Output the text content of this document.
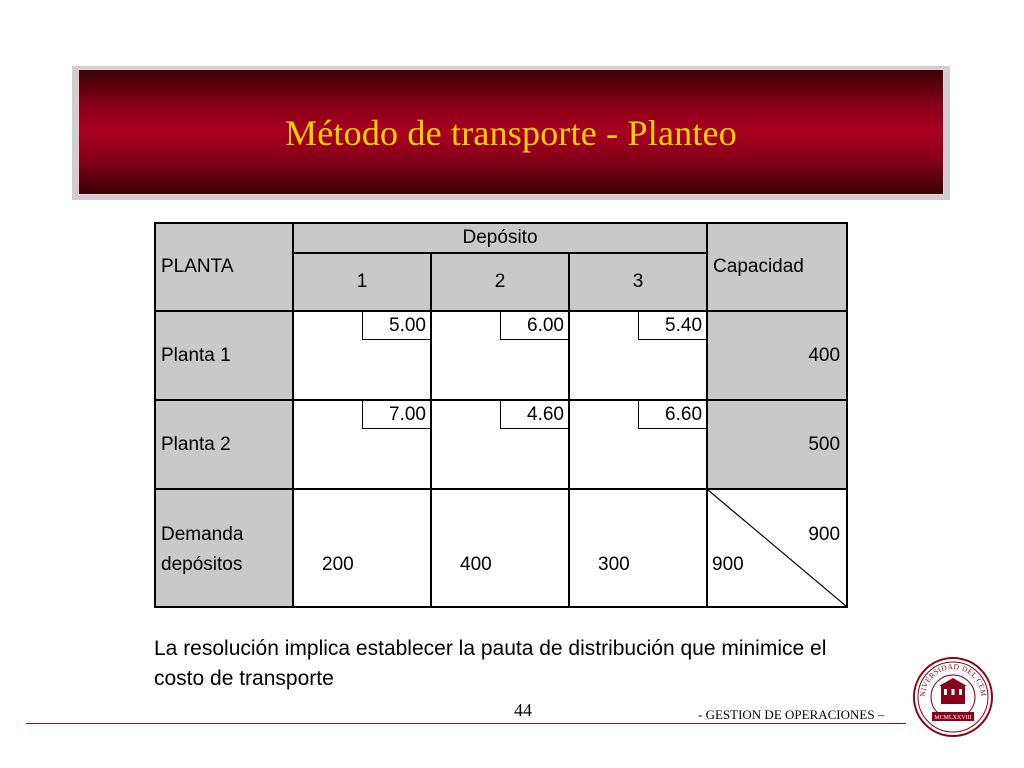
Método de transporte - Planteo
PLANTA	Depósito			Capacidad
	1	2	3	
Planta 1	5.00	6.00	5.40	400
Planta 2	7.00	4.60	6.60	500

Demanda
depósitos	200	400	300	900
900
La resolución implica establecer la pauta de distribución que minimice el costo de transporte
44	- GESTION DE OPERACIONES –
NIVERSIDAD DEL CEM
MCMLXXVIII
